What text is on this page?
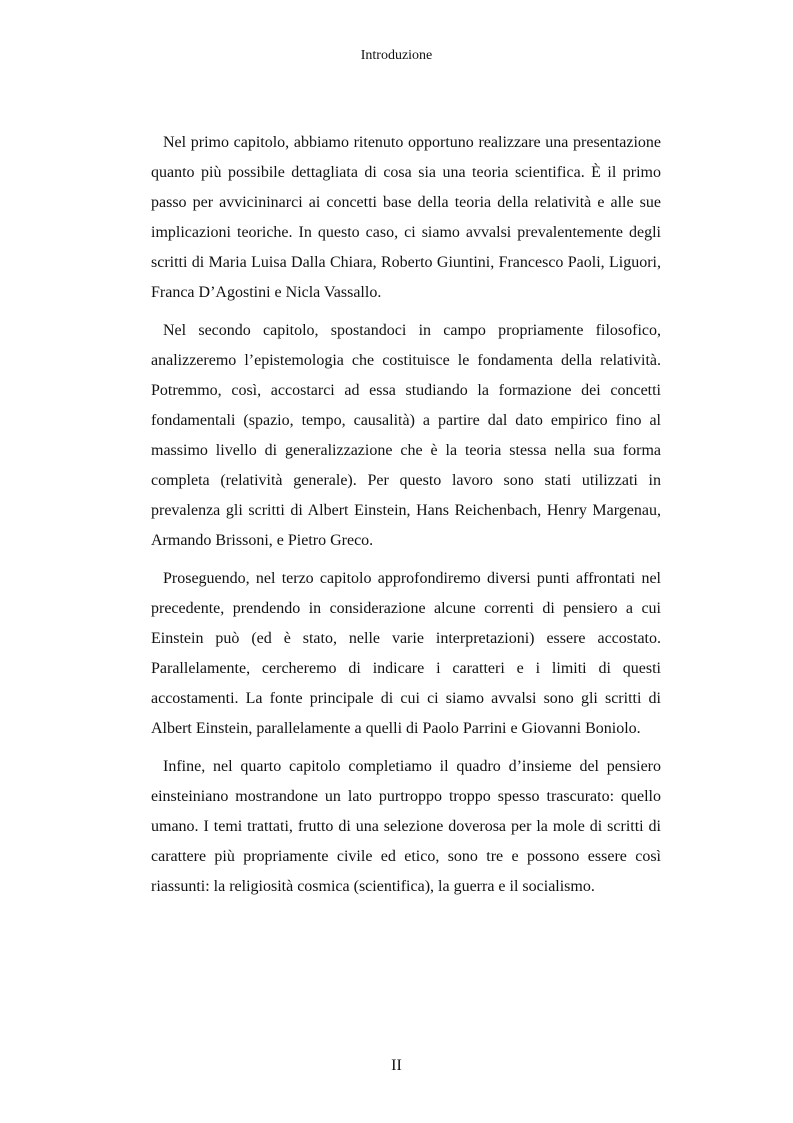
Introduzione

Nel primo capitolo, abbiamo ritenuto opportuno realizzare una presentazione quanto più possibile dettagliata di cosa sia una teoria scientifica. È il primo passo per avvicininarci ai concetti base della teoria della relatività e alle sue implicazioni teoriche. In questo caso, ci siamo avvalsi prevalentemente degli scritti di Maria Luisa Dalla Chiara, Roberto Giuntini, Francesco Paoli, Liguori, Franca D’Agostini e Nicla Vassallo.

Nel secondo capitolo, spostandoci in campo propriamente filosofico, analizzeremo l’epistemologia che costituisce le fondamenta della relatività. Potremmo, così, accostarci ad essa studiando la formazione dei concetti fondamentali (spazio, tempo, causalità) a partire dal dato empirico fino al massimo livello di generalizzazione che è la teoria stessa nella sua forma completa (relatività generale). Per questo lavoro sono stati utilizzati in prevalenza gli scritti di Albert Einstein, Hans Reichenbach, Henry Margenau, Armando Brissoni, e Pietro Greco.

Proseguendo, nel terzo capitolo approfondiremo diversi punti affrontati nel precedente, prendendo in considerazione alcune correnti di pensiero a cui Einstein può (ed è stato, nelle varie interpretazioni) essere accostato. Parallelamente, cercheremo di indicare i caratteri e i limiti di questi accostamenti. La fonte principale di cui ci siamo avvalsi sono gli scritti di Albert Einstein, parallelamente a quelli di Paolo Parrini e Giovanni Boniolo.

Infine, nel quarto capitolo completiamo il quadro d’insieme del pensiero einsteiniano mostrandone un lato purtroppo troppo spesso trascurato: quello umano. I temi trattati, frutto di una selezione doverosa per la mole di scritti di carattere più propriamente civile ed etico, sono tre e possono essere così riassunti: la religiosità cosmica (scientifica), la guerra e il socialismo.

II
